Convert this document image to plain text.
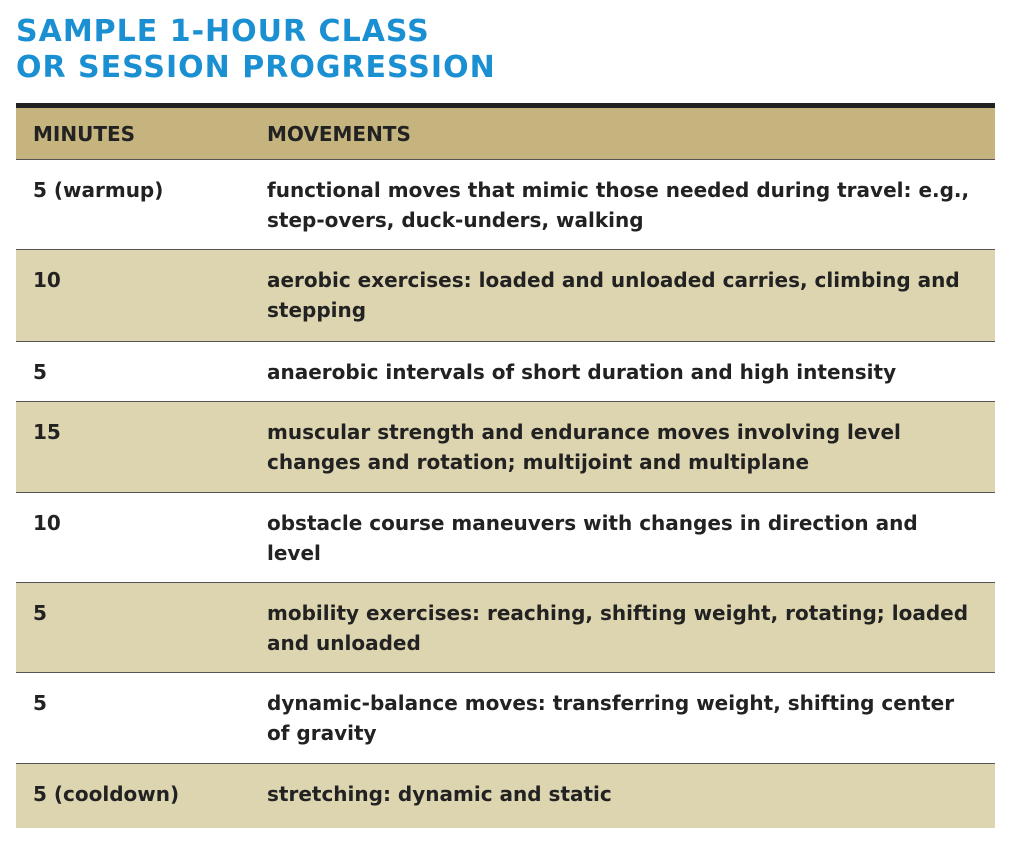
SAMPLE 1-HOUR CLASS
OR SESSION PROGRESSION
MINUTES	MOVEMENTS
5 (warmup)	functional moves that mimic those needed during travel: e.g., step-overs, duck-unders, walking
10	aerobic exercises: loaded and unloaded carries, climbing and stepping
5	anaerobic intervals of short duration and high intensity
15	muscular strength and endurance moves involving level changes and rotation; multijoint and multiplane
10	obstacle course maneuvers with changes in direction and level
5	mobility exercises: reaching, shifting weight, rotating; loaded and unloaded
5	dynamic-balance moves: transferring weight, shifting center of gravity
5 (cooldown)	stretching: dynamic and static
